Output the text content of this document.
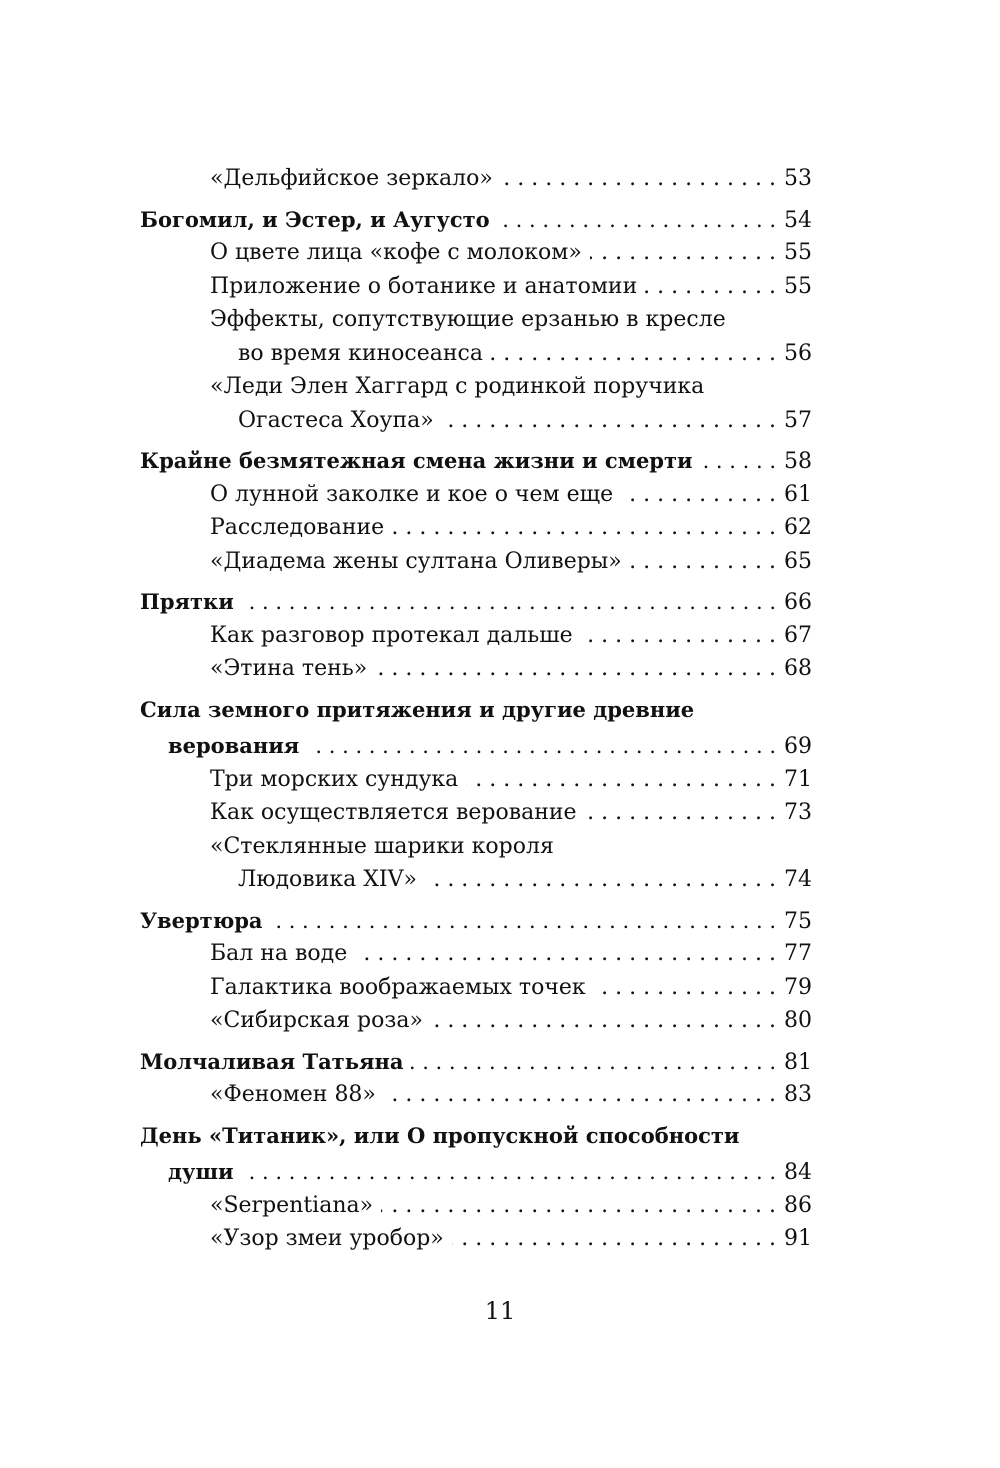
«Дельфийское зеркало» . . .	53
Богомил, и Эстер, и Аугусто . . .	54
О цвете лица «кофе с молоком» . . .	55
Приложение о ботанике и анатомии . . .	55
Эффекты, сопутствующие ерзанью в кресле
во время киносеанса . . .	56
«Леди Элен Хаггард с родинкой поручика
Огастеса Хоупа» . . .	57
Крайне безмятежная смена жизни и смерти . . .	58
О лунной заколке и кое о чем еще . . .	61
Расследование . . .	62
«Диадема жены султана Оливеры» . . .	65
Прятки . . .	66
Как разговор протекал дальше . . .	67
«Этина тень» . . .	68
Сила земного притяжения и другие древние
верования . . .	69
Три морских сундука . . .	71
Как осуществляется верование . . .	73
«Стеклянные шарики короля
Людовика XIV» . . .	74
Увертюра . . .	75
Бал на воде . . .	77
Галактика воображаемых точек . . .	79
«Сибирская роза» . . .	80
Молчаливая Татьяна . . .	81
«Феномен 88» . . .	83
День «Титаник», или О пропускной способности
души . . .	84
«Serpentiana» . . .	86
«Узор змеи уробор» . . .	91
11
